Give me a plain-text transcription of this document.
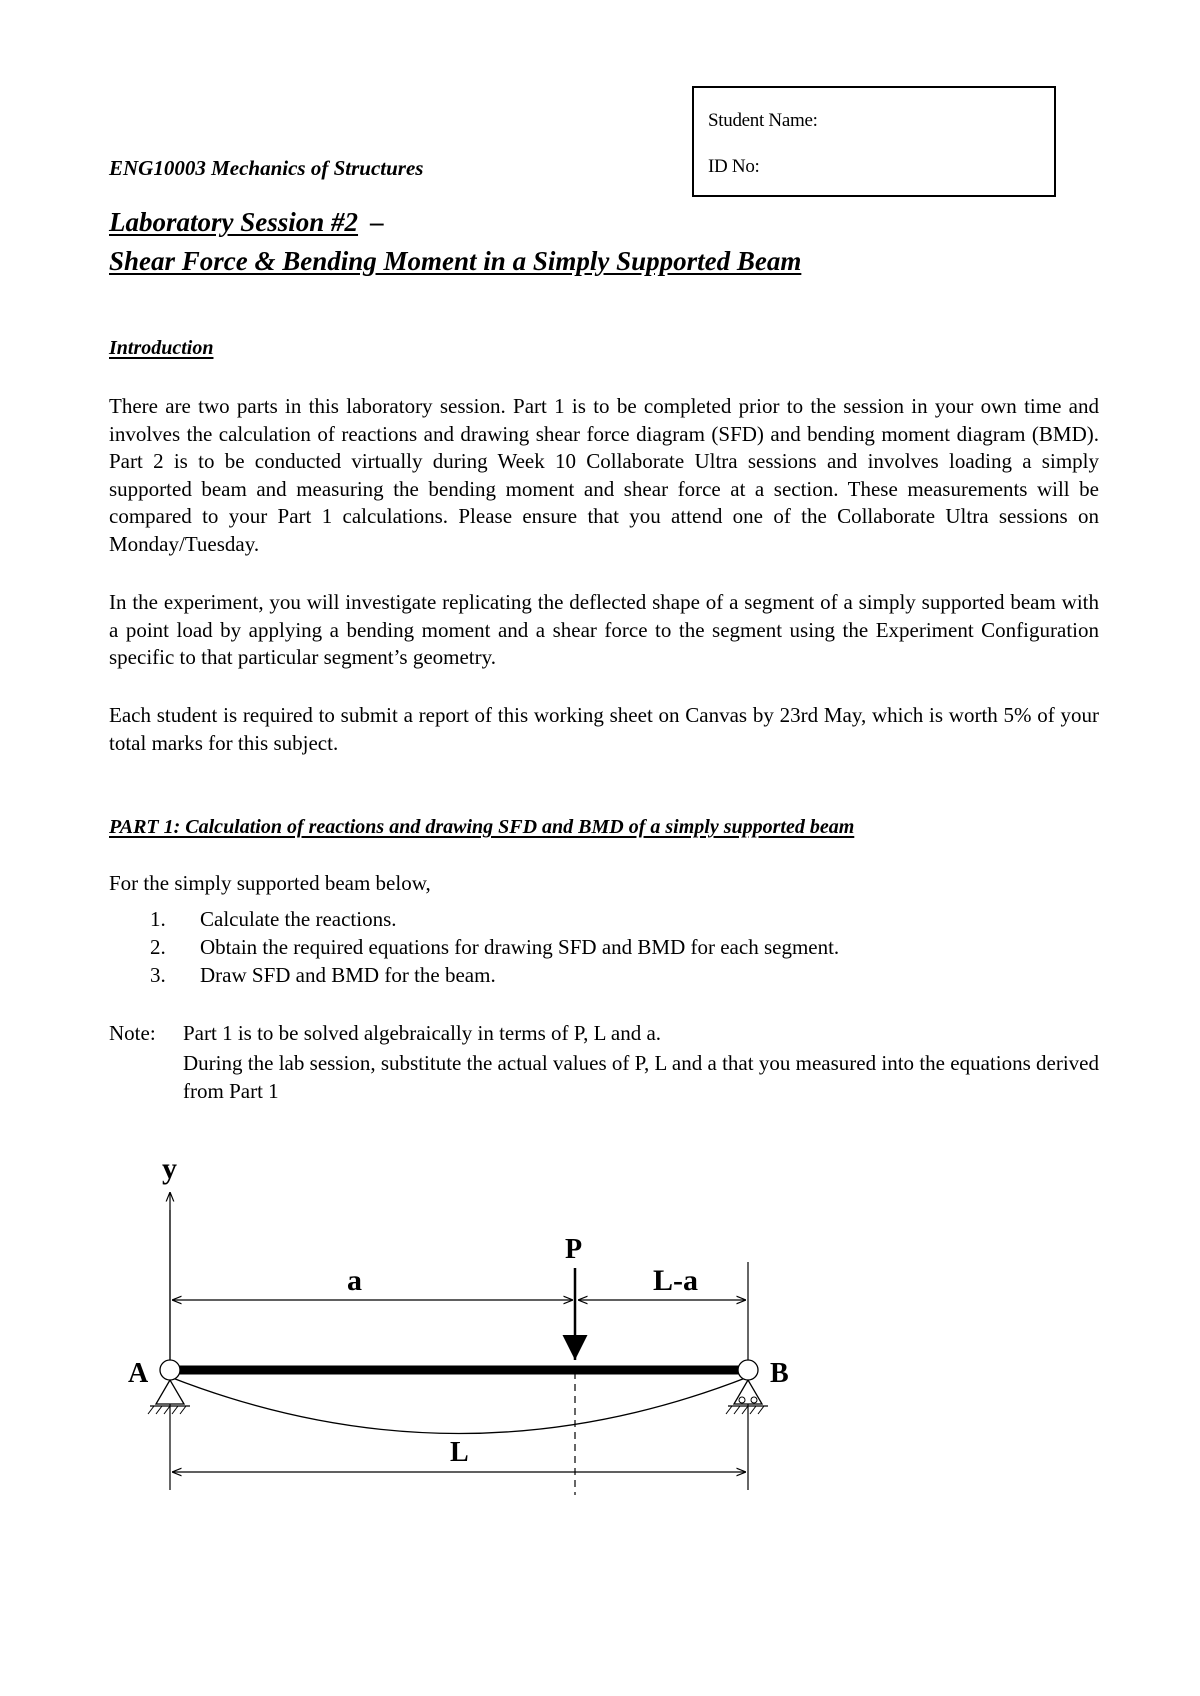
Student Name:
ID No:
ENG10003 Mechanics of Structures
Laboratory Session #2 –
Shear Force & Bending Moment in a Simply Supported Beam
Introduction

There are two parts in this laboratory session. Part 1 is to be completed prior to the session in your own time and involves the calculation of reactions and drawing shear force diagram (SFD) and bending moment diagram (BMD). Part 2 is to be conducted virtually during Week 10 Collaborate Ultra sessions and involves loading a simply supported beam and measuring the bending moment and shear force at a section. These measurements will be compared to your Part 1 calculations. Please ensure that you attend one of the Collaborate Ultra sessions on Monday/Tuesday.

In the experiment, you will investigate replicating the deflected shape of a segment of a simply supported beam with a point load by applying a bending moment and a shear force to the segment using the Experiment Configuration specific to that particular segment’s geometry.

Each student is required to submit a report of this working sheet on Canvas by 23rd May, which is worth 5% of your total marks for this subject.

PART 1: Calculation of reactions and drawing SFD and BMD of a simply supported beam
For the simply supported beam below,
1. Calculate the reactions.
2. Obtain the required equations for drawing SFD and BMD for each segment.
3. Draw SFD and BMD for the beam.
Note: Part 1 is to be solved algebraically in terms of P, L and a.

During the lab session, substitute the actual values of P, L and a that you measured into the equations derived from Part 1

y
a	L-a
P
A	B
L
